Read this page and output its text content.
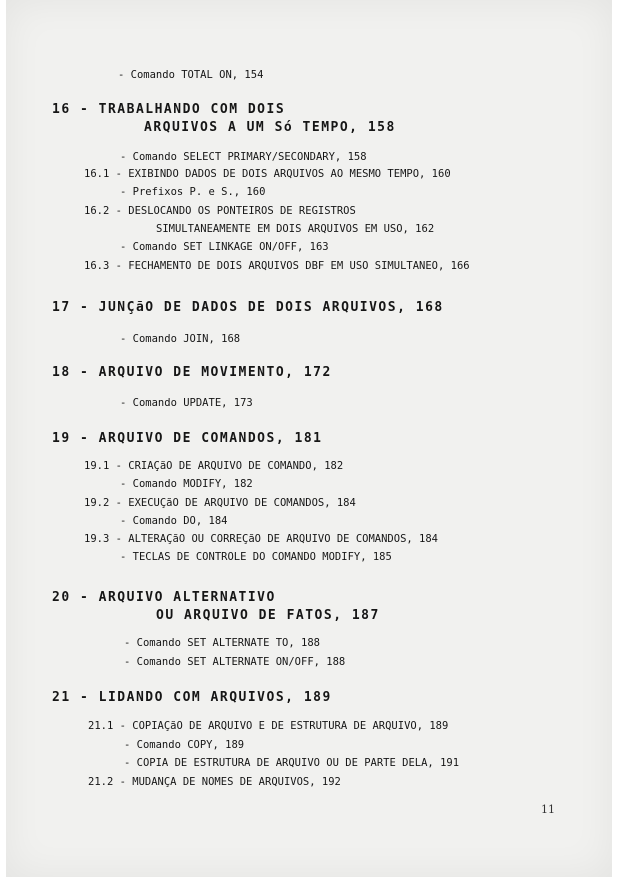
- Comando TOTAL ON, 154
16 - TRABALHANDO COM DOIS
ARQUIVOS A UM Só TEMPO, 158
- Comando SELECT PRIMARY/SECONDARY, 158
16.1 - EXIBINDO DADOS DE DOIS ARQUIVOS AO MESMO TEMPO, 160
- Prefixos P. e S., 160
16.2 - DESLOCANDO OS PONTEIROS DE REGISTROS
SIMULTANEAMENTE EM DOIS ARQUIVOS EM USO, 162
- Comando SET LINKAGE ON/OFF, 163
16.3 - FECHAMENTO DE DOIS ARQUIVOS DBF EM USO SIMULTANEO, 166
17 - JUNÇãO DE DADOS DE DOIS ARQUIVOS, 168
- Comando JOIN, 168
18 - ARQUIVO DE MOVIMENTO, 172
- Comando UPDATE, 173
19 - ARQUIVO DE COMANDOS, 181
19.1 - CRIAÇãO DE ARQUIVO DE COMANDO, 182
- Comando MODIFY, 182
19.2 - EXECUÇãO DE ARQUIVO DE COMANDOS, 184
- Comando DO, 184
19.3 - ALTERAÇãO OU CORREÇãO DE ARQUIVO DE COMANDOS, 184
- TECLAS DE CONTROLE DO COMANDO MODIFY, 185
20 - ARQUIVO ALTERNATIVO
OU ARQUIVO DE FATOS, 187
- Comando SET ALTERNATE TO, 188
- Comando SET ALTERNATE ON/OFF, 188
21 - LIDANDO COM ARQUIVOS, 189
21.1 - COPIAÇãO DE ARQUIVO E DE ESTRUTURA DE ARQUIVO, 189
- Comando COPY, 189
- COPIA DE ESTRUTURA DE ARQUIVO OU DE PARTE DELA, 191
21.2 - MUDANÇA DE NOMES DE ARQUIVOS, 192
11
